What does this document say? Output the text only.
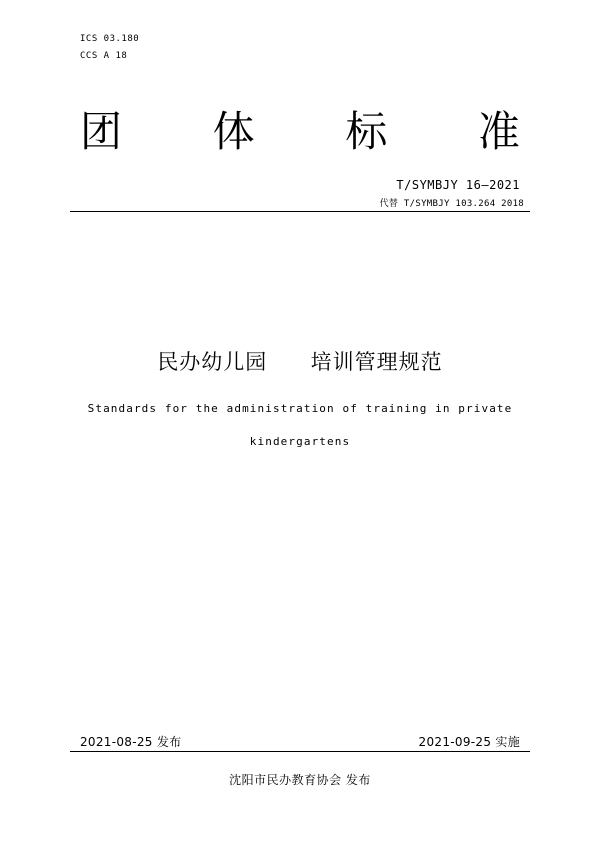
ICS 03.180
CCS A 18
团 体 标 准
T/SYMBJY 16—2021
代替 T/SYMBJY 103.264 2018
民办幼儿园  培训管理规范
Standards for the administration of training in private
kindergartens
2021-08-25 发布	2021-09-25 实施
沈阳市民办教育协会 发布
